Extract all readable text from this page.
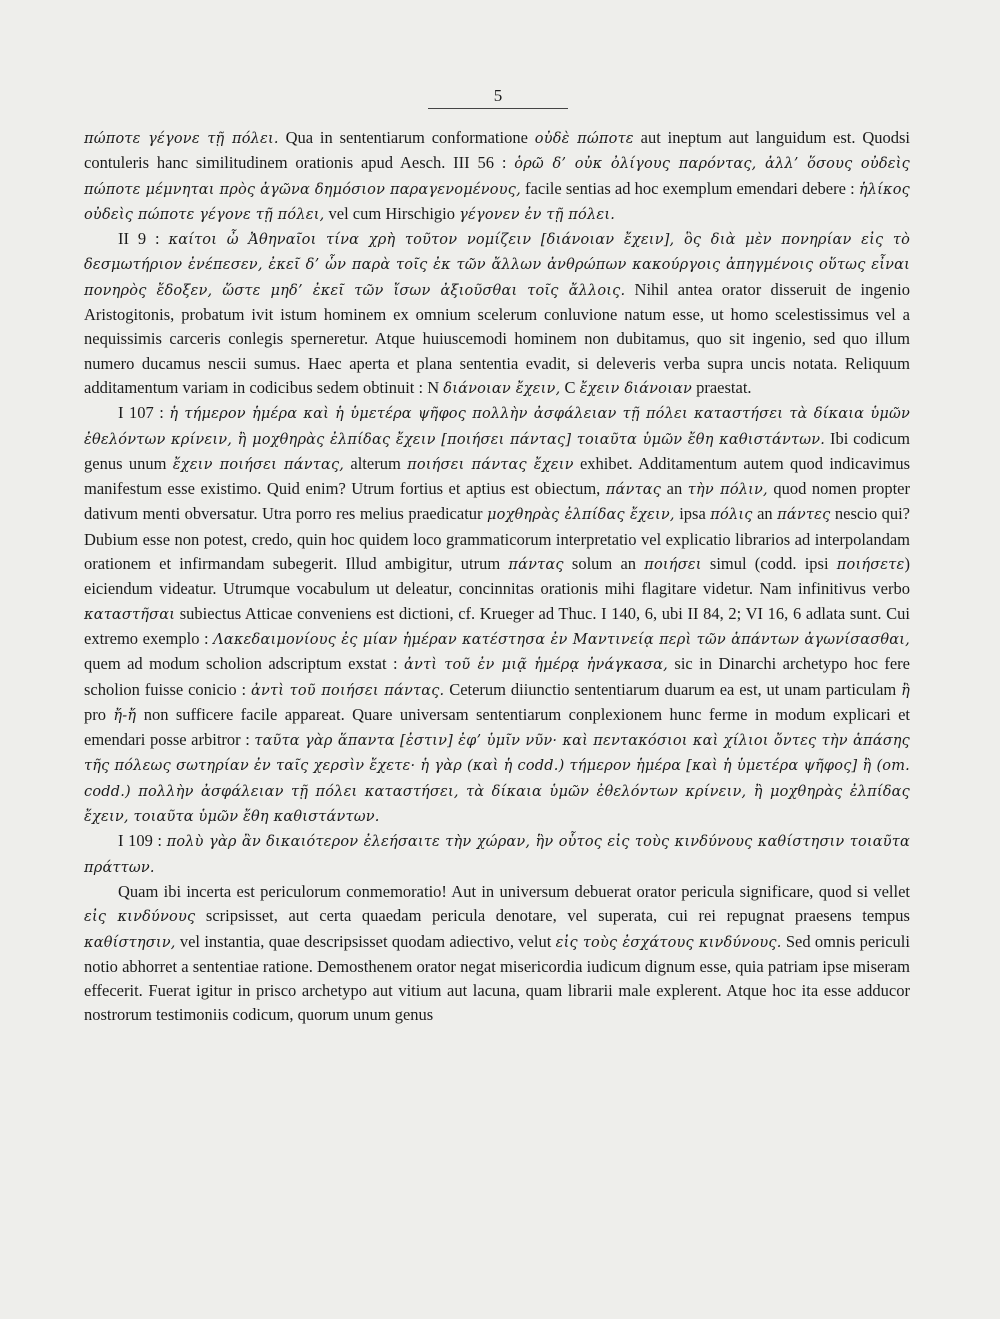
5

πώποτε γέγονε τῇ πόλει. Qua in sententiarum conformatione οὐδὲ πώποτε aut ineptum aut languidum est. Quodsi contuleris hanc similitudinem orationis apud Aesch. III 56 : ὁρῶ δ’ οὐκ ὀλίγους παρόντας, ἀλλ’ ὅσους οὐδεὶς πώποτε μέμνηται πρὸς ἀγῶνα δημόσιον παραγενομένους, facile sentias ad hoc exemplum emendari debere : ἡλίκος οὐδεὶς πώποτε γέγονε τῇ πόλει, vel cum Hirschigio γέγονεν ἐν τῇ πόλει.

II 9 : καίτοι ὦ Ἀθηναῖοι τίνα χρὴ τοῦτον νομίζειν [διάνοιαν ἔχειν], ὃς διὰ μὲν πονηρίαν εἰς τὸ δεσμωτήριον ἐνέπεσεν, ἐκεῖ δ’ ὧν παρὰ τοῖς ἐκ τῶν ἄλλων ἀνθρώπων κακούργοις ἀπηγμένοις οὕτως εἶναι πονηρὸς ἔδοξεν, ὥστε μηδ’ ἐκεῖ τῶν ἴσων ἀξιοῦσθαι τοῖς ἄλλοις. Nihil antea orator disseruit de ingenio Aristogitonis, probatum ivit istum hominem ex omnium scelerum conluvione natum esse, ut homo scelestissimus vel a nequissimis carceris conlegis sperneretur. Atque huiuscemodi hominem non dubitamus, quo sit ingenio, sed quo illum numero ducamus nescii sumus. Haec aperta et plana sententia evadit, si deleveris verba supra uncis notata. Reliquum additamentum variam in codicibus sedem obtinuit : N διάνοιαν ἔχειν, C ἔχειν διάνοιαν praestat.

I 107 : ἡ τήμερον ἡμέρα καὶ ἡ ὑμετέρα ψῆφος πολλὴν ἀσφάλειαν τῇ πόλει καταστήσει τὰ δίκαια ὑμῶν ἐθελόντων κρίνειν, ἢ μοχθηρὰς ἐλπίδας ἔχειν [ποιήσει πάντας] τοιαῦτα ὑμῶν ἔθη καθιστάντων. Ibi codicum genus unum ἔχειν ποιήσει πάντας, alterum ποιήσει πάντας ἔχειν exhibet. Additamentum autem quod indicavimus manifestum esse existimo. Quid enim? Utrum fortius et aptius est obiectum, πάντας an τὴν πόλιν, quod nomen propter dativum menti obversatur. Utra porro res melius praedicatur μοχθηρὰς ἐλπίδας ἔχειν, ipsa πόλις an πάντες nescio qui? Dubium esse non potest, credo, quin hoc quidem loco grammaticorum interpretatio vel explicatio librarios ad interpolandam orationem et infirmandam subegerit. Illud ambigitur, utrum πάντας solum an ποιήσει simul (codd. ipsi ποιήσετε) eiciendum videatur. Utrumque vocabulum ut deleatur, concinnitas orationis mihi flagitare videtur. Nam infinitivus verbo καταστῆσαι subiectus Atticae conveniens est dictioni, cf. Krueger ad Thuc. I 140, 6, ubi II 84, 2; VI 16, 6 adlata sunt. Cui extremo exemplo : Λακεδαιμονίους ἐς μίαν ἡμέραν κατέστησα ἐν Μαντινείᾳ περὶ τῶν ἁπάντων ἀγωνίσασθαι, quem ad modum scholion adscriptum exstat : ἀντὶ τοῦ ἐν μιᾷ ἡμέρᾳ ἠνάγκασα, sic in Dinarchi archetypo hoc fere scholion fuisse conicio : ἀντὶ τοῦ ποιήσει πάντας. Ceterum diiunctio sententiarum duarum ea est, ut unam particulam ἢ pro ἤ-ἤ non sufficere facile appareat. Quare universam sententiarum conplexionem hunc ferme in modum explicari et emendari posse arbitror : ταῦτα γὰρ ἅπαντα [ἐστιν] ἐφ’ ὑμῖν νῦν· καὶ πεντακόσιοι καὶ χίλιοι ὄντες τὴν ἁπάσης τῆς πόλεως σωτηρίαν ἐν ταῖς χερσὶν ἔχετε· ἡ γὰρ (καὶ ἡ codd.) τήμερον ἡμέρα [καὶ ἡ ὑμετέρα ψῆφος] ἢ (om. codd.) πολλὴν ἀσφάλειαν τῇ πόλει καταστήσει, τὰ δίκαια ὑμῶν ἐθελόντων κρίνειν, ἢ μοχθηρὰς ἐλπίδας ἔχειν, τοιαῦτα ὑμῶν ἔθη καθιστάντων.

I 109 : πολὺ γὰρ ἂν δικαιότερον ἐλεήσαιτε τὴν χώραν, ἣν οὗτος εἰς τοὺς κινδύνους καθίστησιν τοιαῦτα πράττων.

Quam ibi incerta est periculorum conmemoratio! Aut in universum debuerat orator pericula significare, quod si vellet εἰς κινδύνους scripsisset, aut certa quaedam pericula denotare, vel superata, cui rei repugnat praesens tempus καθίστησιν, vel instantia, quae descripsisset quodam adiectivo, velut εἰς τοὺς ἐσχάτους κινδύνους. Sed omnis periculi notio abhorret a sententiae ratione. Demosthenem orator negat misericordia iudicum dignum esse, quia patriam ipse miseram effecerit. Fuerat igitur in prisco archetypo aut vitium aut lacuna, quam librarii male explerent. Atque hoc ita esse adducor nostrorum testimoniis codicum, quorum unum genus
